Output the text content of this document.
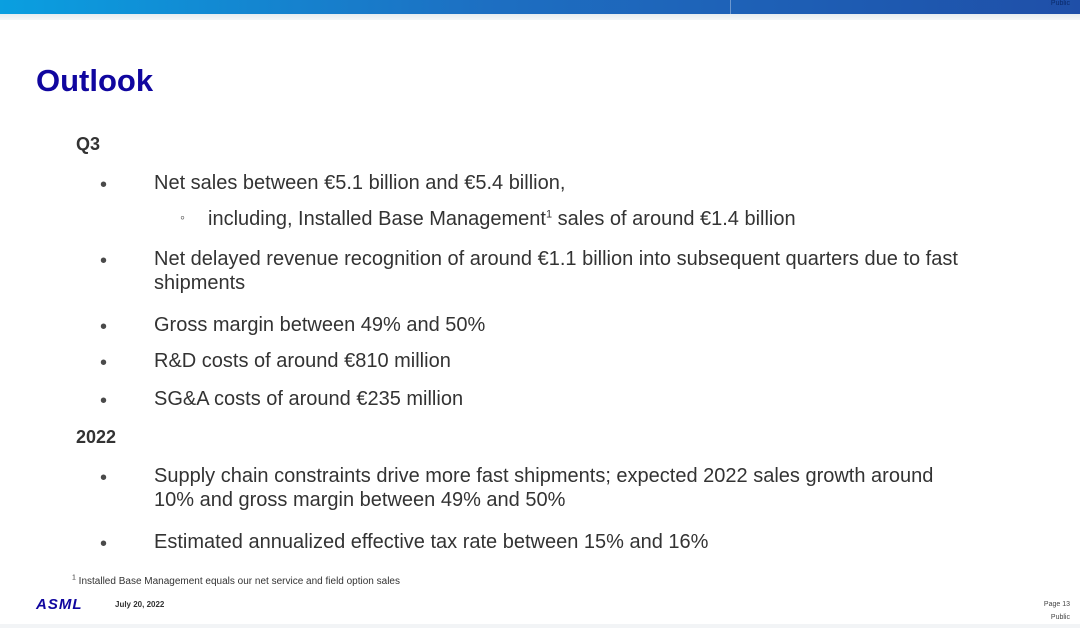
Public
Outlook
Q3
• Net sales between €5.1 billion and €5.4 billion,
◦ including, Installed Base Management$^1$ sales of around €1.4 billion
• Net delayed revenue recognition of around €1.1 billion into subsequent quarters due to fast shipments
• Gross margin between 49% and 50%
• R&D costs of around €810 million
• SG&A costs of around €235 million
2022
• Supply chain constraints drive more fast shipments; expected 2022 sales growth around 10% and gross margin between 49% and 50%
• Estimated annualized effective tax rate between 15% and 16%
$^1$ Installed Base Management equals our net service and field option sales
ASML	July 20, 2022	Page 13
Public
